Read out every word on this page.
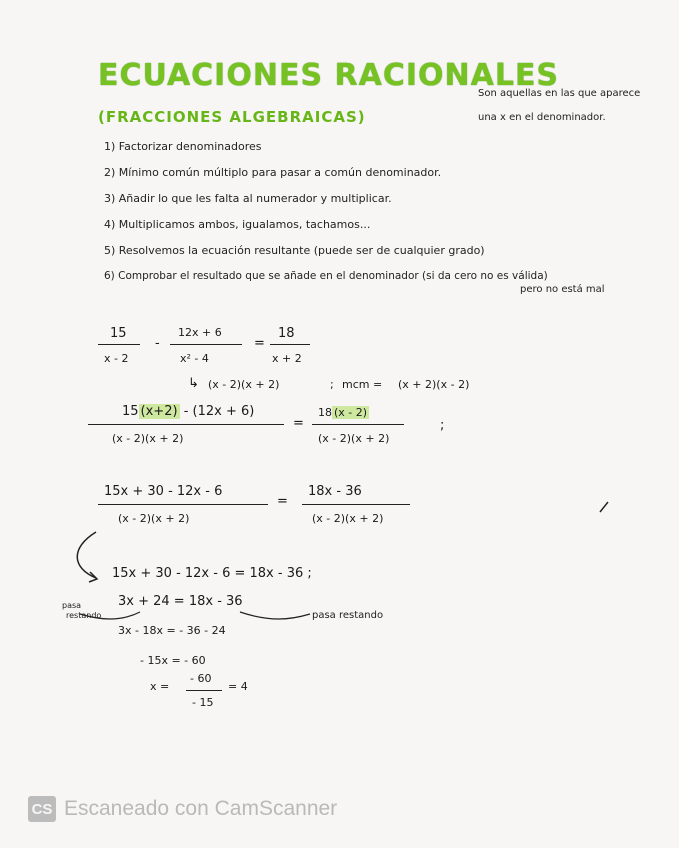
ECUACIONES RACIONALES
(FRACCIONES ALGEBRAICAS)
Son aquellas en las que aparece
una x en el denominador.
1) Factorizar denominadores
2) Mínimo común múltiplo para pasar a común denominador.
3) Añadir lo que les falta al numerador y multiplicar.
4) Multiplicamos ambos, igualamos, tachamos...
5) Resolvemos la ecuación resultante (puede ser de cualquier grado)
6) Comprobar el resultado que se añade en el denominador (si da cero no es válida)
pero no está mal
15
x - 2
-
12x + 6
x² - 4
=
18
x + 2
↳ (x - 2)(x + 2)	; mcm = (x + 2)(x - 2)
15 (x+2) - (12x + 6)
(x - 2)(x + 2)
=
18 (x - 2)
(x - 2)(x + 2)
;
15x + 30 - 12x - 6
(x - 2)(x + 2)
=
18x - 36
(x - 2)(x + 2)
15x + 30 - 12x - 6 = 18x - 36 ;
pasa
restando
3x + 24 = 18x - 36
pasa restando
3x - 18x = - 36 - 24
- 15x = - 60
x =
- 60
- 15
= 4
CS Escaneado con CamScanner
